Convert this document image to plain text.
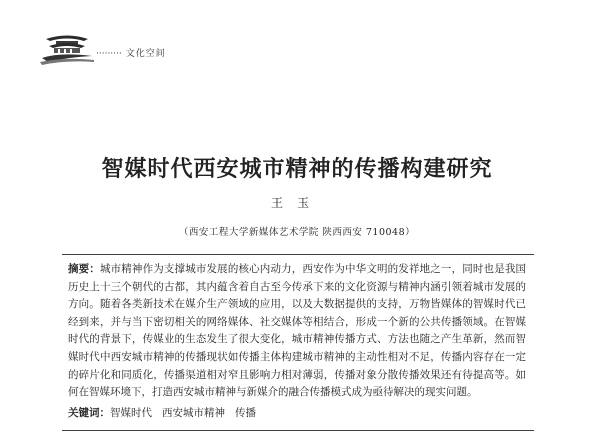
········· 文化空间
智媒时代西安城市精神的传播构建研究
王玉
（西安工程大学新媒体艺术学院 陕西西安 710048）

摘要：城市精神作为支撑城市发展的核心内动力，西安作为中华文明的发祥地之一，同时也是我国历史上十三个朝代的古都，其内蕴含着自古至今传承下来的文化资源与精神内涵引领着城市发展的方向。随着各类新技术在媒介生产领域的应用，以及大数据提供的支持，万物皆媒体的智媒时代已经到来，并与当下密切相关的网络媒体、社交媒体等相结合，形成一个新的公共传播领域。在智媒时代的背景下，传媒业的生态发生了很大变化，城市精神传播方式、方法也随之产生革新，然而智媒时代中西安城市精神的传播现状如传播主体构建城市精神的主动性相对不足，传播内容存在一定的碎片化和同质化，传播渠道相对窄且影响力相对薄弱，传播对象分散传播效果还有待提高等。如何在智媒环境下，打造西安城市精神与新媒介的融合传播模式成为亟待解决的现实问题。

关键词：智媒时代 西安城市精神 传播
